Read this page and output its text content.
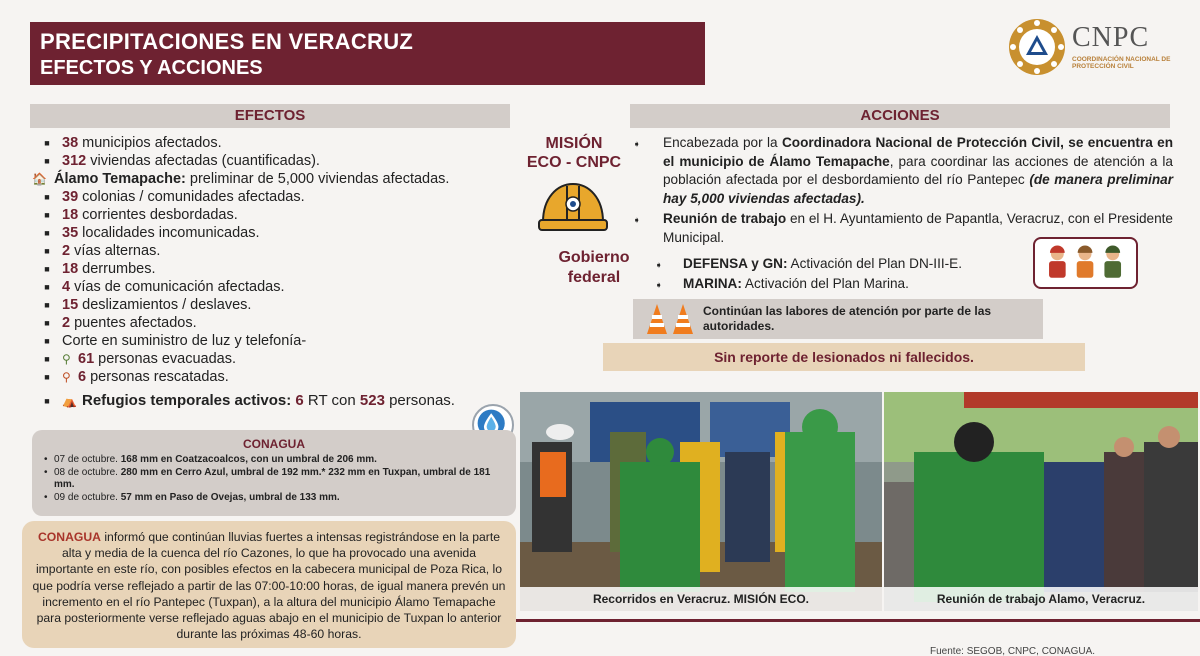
PRECIPITACIONES EN VERACRUZ
EFECTOS Y ACCIONES
CNPC
COORDINACIÓN NACIONAL DE PROTECCIÓN CIVIL
EFECTOS	ACCIONES
■ 38 municipios afectados.
■ 312 viviendas afectadas (cuantificadas).
🏠 Álamo Temapache: preliminar de 5,000 viviendas afectadas.
■ 39 colonias / comunidades afectadas.
■ 18 corrientes desbordadas.
■ 35 localidades incomunicadas.
■ 2 vías alternas.
■ 18 derrumbes.
■ 4 vías de comunicación afectadas.
■ 15 deslizamientos / deslaves.
■ 2 puentes afectados.
■ Corte en suministro de luz y telefonía-
■	⚲ 61 personas evacuadas.
■	⚲ 6 personas rescatadas.
■	⛺ Refugios temporales activos: 6 RT con 523 personas.
CONAGUA
• 07 de octubre. 168 mm en Coatzacoalcos, con un umbral de 206 mm.
• 08 de octubre. 280 mm en Cerro Azul, umbral de 192 mm.* 232 mm en Tuxpan, umbral de 181 mm.
• 09 de octubre. 57 mm en Paso de Ovejas, umbral de 133 mm.
CONAGUA informó que continúan lluvias fuertes a intensas registrándose en la parte alta y media de la cuenca del río Cazones, lo que ha provocado una avenida importante en este río, con posibles efectos en la cabecera municipal de Poza Rica, lo que podría verse reflejado a partir de las 07:00-10:00 horas, de igual manera prevén un incremento en el río Pantepec (Tuxpan), a la altura del municipio Álamo Temapache para posteriormente verse reflejado aguas abajo en el municipio de Tuxpan lo anterior durante las próximas 48-60 horas.
MISIÓN
ECO - CNPC
Gobierno
federal
➧	Encabezada por la Coordinadora Nacional de Protección Civil, se encuentra en el municipio de Álamo Temapache, para coordinar las acciones de atención a la población afectada por el desbordamiento del río Pantepec (de manera preliminar hay 5,000 viviendas afectadas).
➧	Reunión de trabajo en el H. Ayuntamiento de Papantla, Veracruz, con el Presidente Municipal.
➧	DEFENSA y GN: Activación del Plan DN-III-E.
➧	MARINA: Activación del Plan Marina.
Continúan las labores de atención por parte de las autoridades.
Sin reporte de lesionados ni fallecidos.
Recorridos en Veracruz. MISIÓN ECO.	Reunión de trabajo Alamo, Veracruz.
Fuente: SEGOB, CNPC, CONAGUA.
